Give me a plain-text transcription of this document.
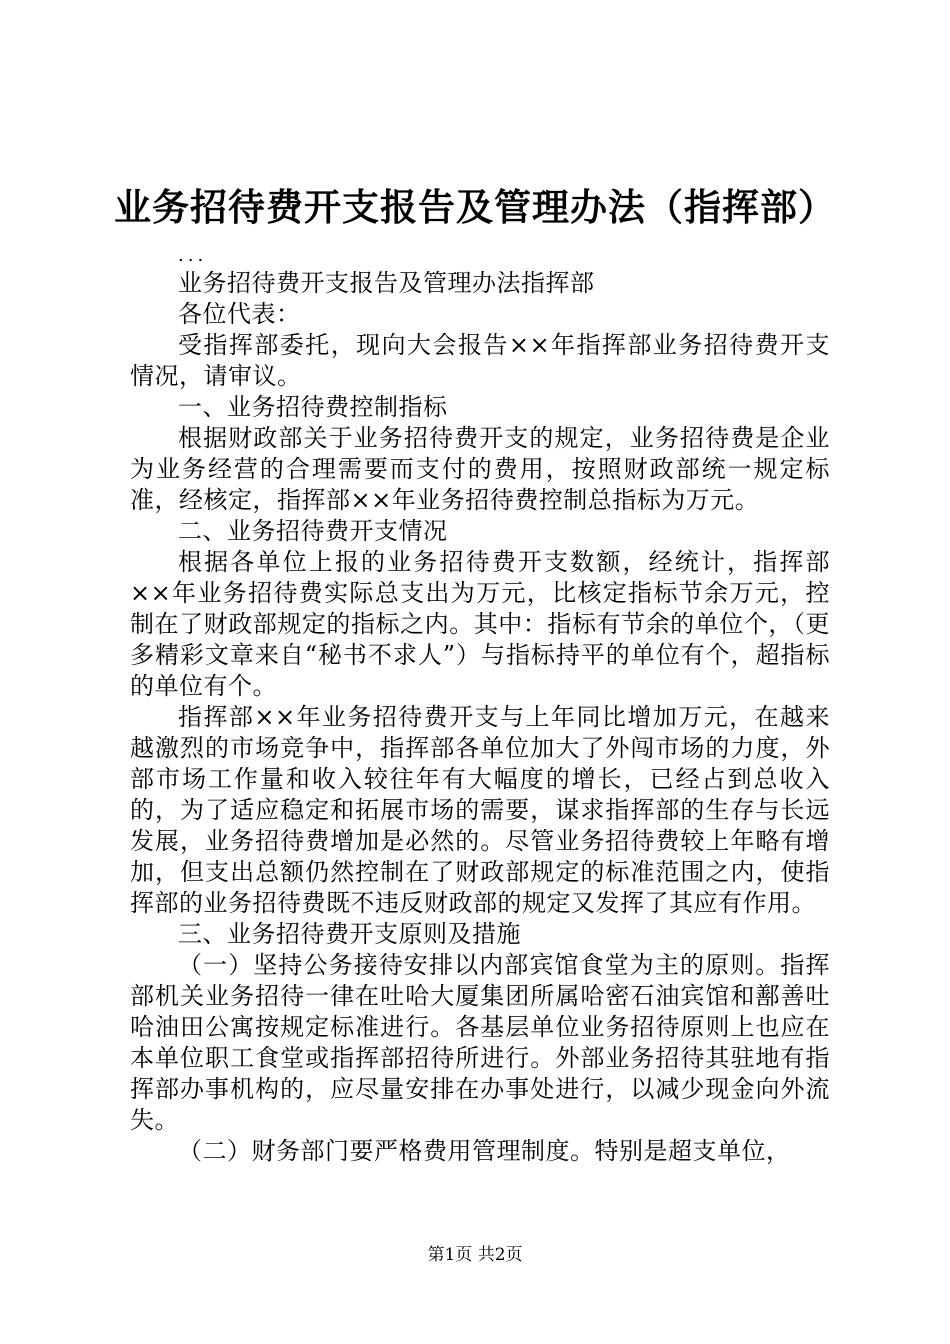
业务招待费开支报告及管理办法（指挥部）
...

业务招待费开支报告及管理办法指挥部

各位代表：

受指挥部委托，现向大会报告××年指挥部业务招待费开支情况，请审议。

一、业务招待费控制指标

根据财政部关于业务招待费开支的规定，业务招待费是企业为业务经营的合理需要而支付的费用，按照财政部统一规定标准，经核定，指挥部××年业务招待费控制总指标为万元。

二、业务招待费开支情况

根据各单位上报的业务招待费开支数额，经统计，指挥部××年业务招待费实际总支出为万元，比核定指标节余万元，控制在了财政部规定的指标之内。其中：指标有节余的单位个，（更多精彩文章来自“秘书不求人”）与指标持平的单位有个，超指标的单位有个。

指挥部××年业务招待费开支与上年同比增加万元，在越来越激烈的市场竞争中，指挥部各单位加大了外闯市场的力度，外部市场工作量和收入较往年有大幅度的增长，已经占到总收入的，为了适应稳定和拓展市场的需要，谋求指挥部的生存与长远发展，业务招待费增加是必然的。尽管业务招待费较上年略有增加，但支出总额仍然控制在了财政部规定的标准范围之内，使指挥部的业务招待费既不违反财政部的规定又发挥了其应有作用。

三、业务招待费开支原则及措施

（一）坚持公务接待安排以内部宾馆食堂为主的原则。指挥部机关业务招待一律在吐哈大厦集团所属哈密石油宾馆和鄯善吐哈油田公寓按规定标准进行。各基层单位业务招待原则上也应在本单位职工食堂或指挥部招待所进行。外部业务招待其驻地有指挥部办事机构的，应尽量安排在办事处进行，以减少现金向外流失。

（二）财务部门要严格费用管理制度。特别是超支单位，

第1页 共2页
